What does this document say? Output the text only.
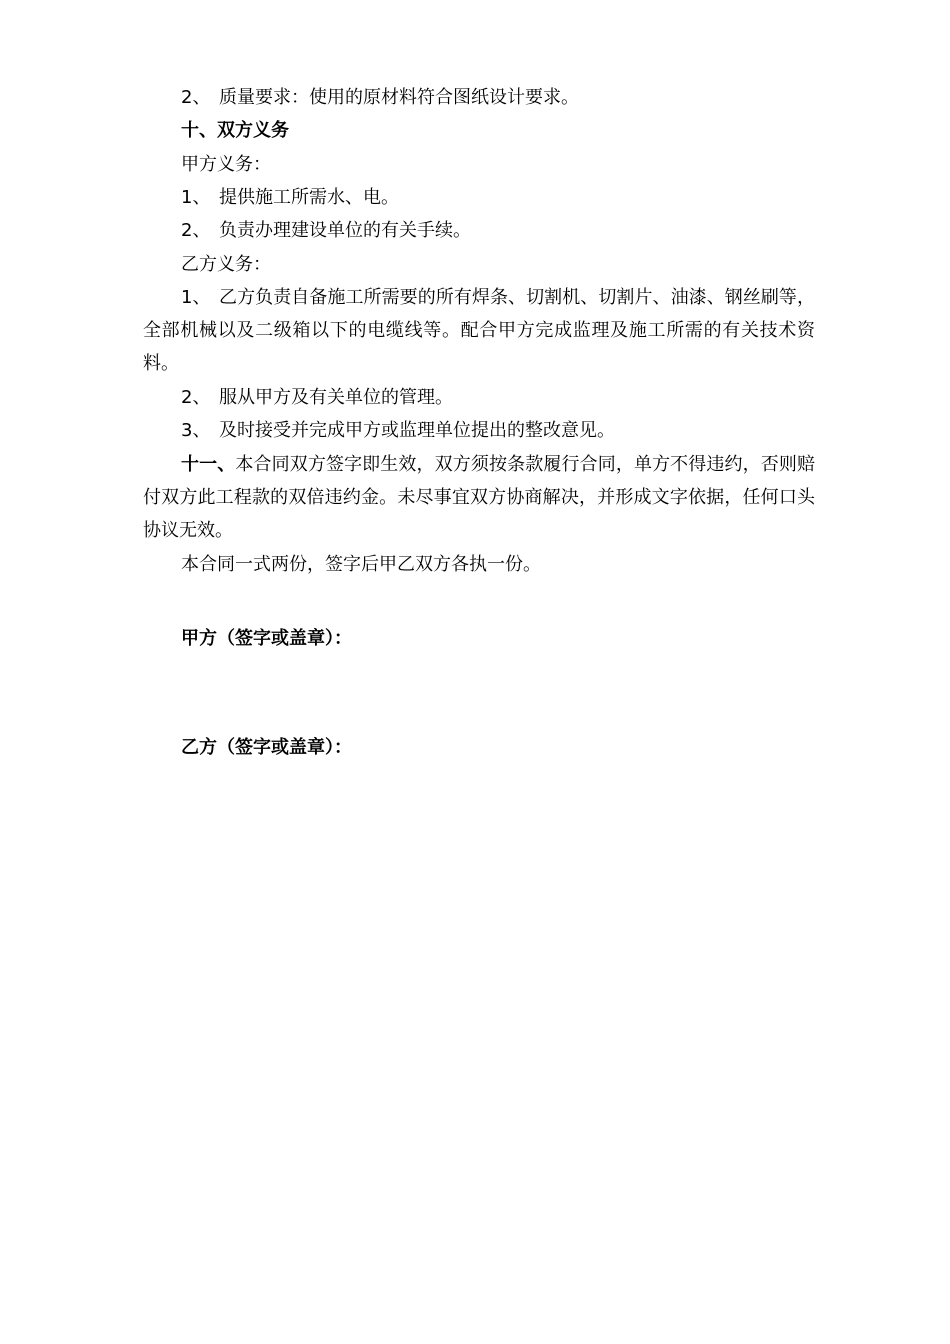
2、 质量要求：使用的原材料符合图纸设计要求。

十、双方义务

甲方义务：

1、 提供施工所需水、电。

2、 负责办理建设单位的有关手续。

乙方义务：

1、 乙方负责自备施工所需要的所有焊条、切割机、切割片、油漆、钢丝刷等，全部机械以及二级箱以下的电缆线等。配合甲方完成监理及施工所需的有关技术资料。

2、 服从甲方及有关单位的管理。

3、 及时接受并完成甲方或监理单位提出的整改意见。

十一、本合同双方签字即生效，双方须按条款履行合同，单方不得违约，否则赔付双方此工程款的双倍违约金。未尽事宜双方协商解决，并形成文字依据，任何口头协议无效。

本合同一式两份，签字后甲乙双方各执一份。

甲方（签字或盖章）：

乙方（签字或盖章）：
